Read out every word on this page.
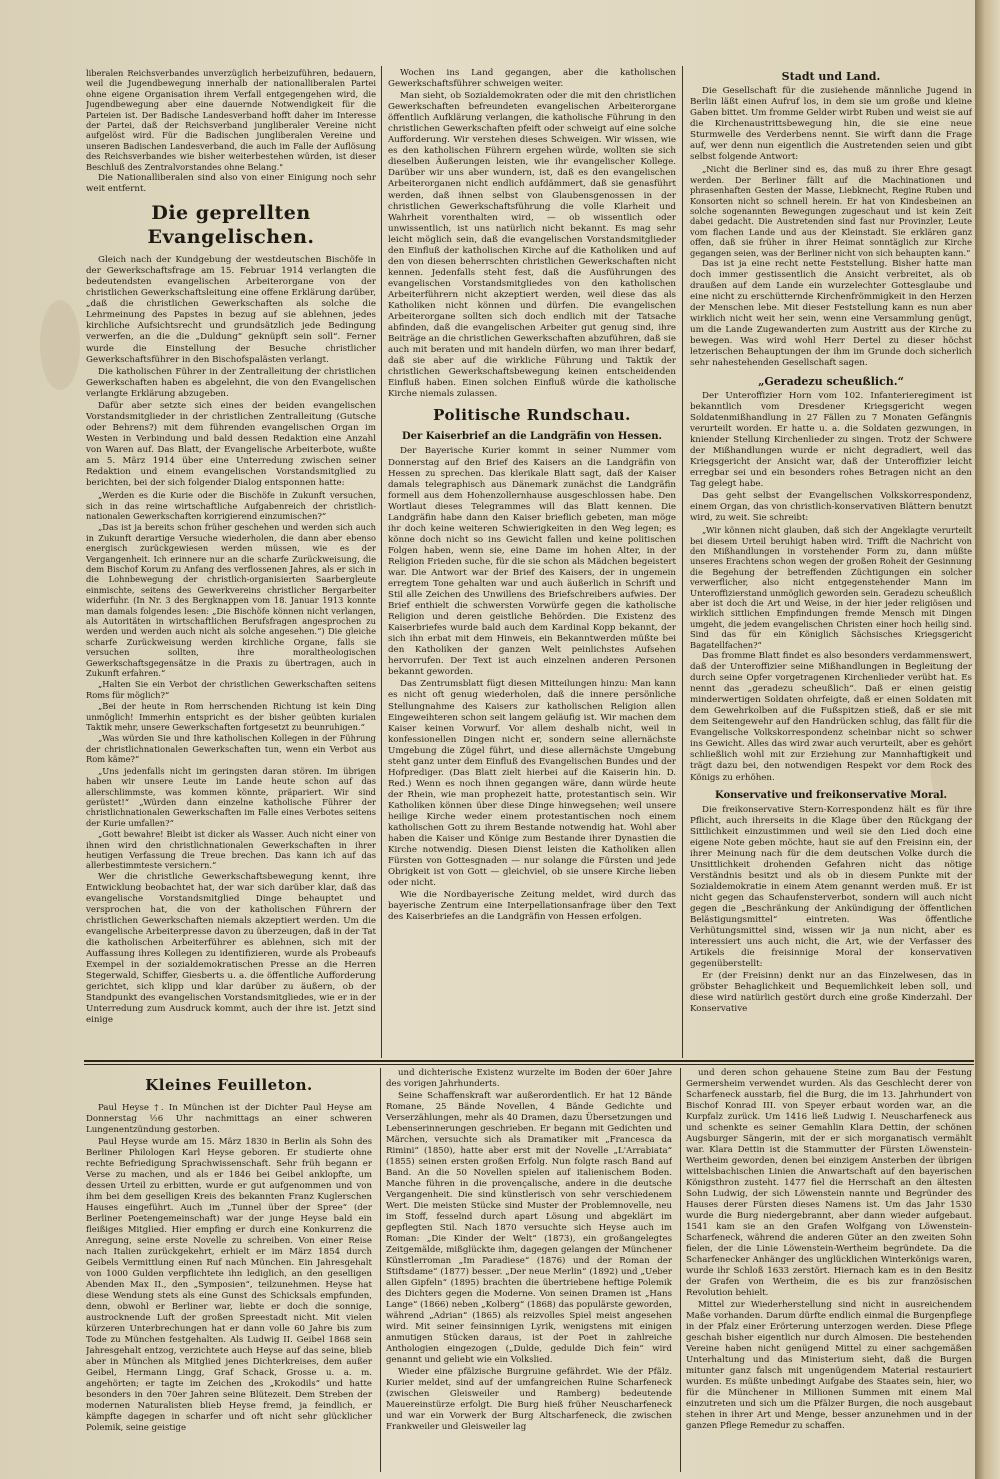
liberalen Reichsverbandes unverzüglich herbeizuführen, bedauern, weil die Jugendbewegung innerhalb der nationalliberalen Partei ohne eigene Organisation ihrem Verfall entgegengehen wird, die Jugendbewegung aber eine dauernde Notwendigkeit für die Parteien ist. Der Badische Landesverband hofft daher im Interesse der Partei, daß der Reichsverband jungliberaler Vereine nicht aufgelöst wird. Für die Badischen jungliberalen Vereine und unseren Badischen Landesverband, die auch im Falle der Auflösung des Reichsverbandes wie bisher weiterbestehen würden, ist dieser Beschluß des Zentralvorstandes ohne Belang."

Die Nationalliberalen sind also von einer Einigung noch sehr weit entfernt.

Die geprellten Evangelischen.

Gleich nach der Kundgebung der westdeutschen Bischöfe in der Gewerkschaftsfrage am 15. Februar 1914 verlangten die bedeutendsten evangelischen Arbeiterorgane von der christlichen Gewerkschaftsleitung eine offene Erklärung darüber, „daß die christlichen Gewerkschaften als solche die Lehrmeinung des Papstes in bezug auf sie ablehnen, jedes kirchliche Aufsichtsrecht und grundsätzlich jede Bedingung verwerfen, an die die „Duldung“ geknüpft sein soll“. Ferner wurde die Einstellung der Besuche christlicher Gewerkschaftsführer in den Bischofspalästen verlangt.

Die katholischen Führer in der Zentralleitung der christlichen Gewerkschaften haben es abgelehnt, die von den Evangelischen verlangte Erklärung abzugeben.

Dafür aber setzte sich eines der beiden evangelischen Vorstandsmitglieder in der christlichen Zentralleitung (Gutsche oder Behrens?) mit dem führenden evangelischen Organ im Westen in Verbindung und bald dessen Redaktion eine Anzahl von Waren auf. Das Blatt, der Evangelische Arbeiterbote, wußte am 5. März 1914 über eine Unterredung zwischen seiner Redaktion und einem evangelischen Vorstandsmitglied zu berichten, bei der sich folgender Dialog entsponnen hatte:

„Werden es die Kurie oder die Bischöfe in Zukunft versuchen, sich in das reine wirtschaftliche Aufgabenreich der christlich-nationalen Gewerkschaften korrigierend einzumischen?“

„Das ist ja bereits schon früher geschehen und werden sich auch in Zukunft derartige Versuche wiederholen, die dann aber ebenso energisch zurückgewiesen werden müssen, wie es der Vergangenheit. Ich erinnere nur an die scharfe Zurückweisung, die dem Bischof Korum zu Anfang des verflossenen Jahres, als er sich in die Lohnbewegung der christlich-organisierten Saarbergleute einmischte, seitens des Gewerkvereins christlicher Bergarbeiter widerfuhr. (In Nr. 3 des Bergknappen vom 18. Januar 1913 konnte man damals folgendes lesen: „Die Bischöfe können nicht verlangen, als Autoritäten in wirtschaftlichen Berufsfragen angesprochen zu werden und werden auch nicht als solche angesehen.“) Die gleiche scharfe Zurückweisung werden kirchliche Organe, falls sie versuchen sollten, ihre moraltheologischen Gewerkschaftsgegensätze in die Praxis zu übertragen, auch in Zukunft erfahren.“

„Halten Sie ein Verbot der christlichen Gewerkschaften seitens Roms für möglich?“

„Bei der heute in Rom herrschenden Richtung ist kein Ding unmöglich! Immerhin entspricht es der bisher geübten kurialen Taktik mehr, unsere Gewerkschaften fortgesetzt zu beunruhigen.“

„Was würden Sie und Ihre katholischen Kollegen in der Führung der christlichnationalen Gewerkschaften tun, wenn ein Verbot aus Rom käme?“

„Uns jedenfalls nicht im geringsten daran stören. Im übrigen haben wir unsere Leute im Lande heute schon auf das allerschlimmste, was kommen könnte, präpariert. Wir sind gerüstet!“ „Würden dann einzelne katholische Führer der christlichnationalen Gewerkschaften im Falle eines Verbotes seitens der Kurie umfallen?“

„Gott bewahre! Bleibt ist dicker als Wasser. Auch nicht einer von ihnen wird den christlichnationalen Gewerkschaften in ihrer heutigen Verfassung die Treue brechen. Das kann ich auf das allerbestimmteste versichern.“

Wer die christliche Gewerkschaftsbewegung kennt, ihre Entwicklung beobachtet hat, der war sich darüber klar, daß das evangelische Vorstandsmitglied Dinge behauptet und versprochen hat, die von der katholischen Führern der christlichen Gewerkschaften niemals akzeptiert werden. Um die evangelische Arbeiterpresse davon zu überzeugen, daß in der Tat die katholischen Arbeiterführer es ablehnen, sich mit der Auffassung ihres Kollegen zu identifizieren, wurde als Probeaufs Exempel in der sozialdemokratischen Presse an die Herren Stegerwald, Schiffer, Giesberts u. a. die öffentliche Aufforderung gerichtet, sich klipp und klar darüber zu äußern, ob der Standpunkt des evangelischen Vorstandsmitgliedes, wie er in der Unterredung zum Ausdruck kommt, auch der ihre ist. Jetzt sind einige

Wochen ins Land gegangen, aber die katholischen Gewerkschaftsführer schweigen weiter.

Man sieht, ob Sozialdemokraten oder die mit den christlichen Gewerkschaften befreundeten evangelischen Arbeiterorgane öffentlich Aufklärung verlangen, die katholische Führung in den christlichen Gewerkschaften pfeift oder schweigt auf eine solche Aufforderung. Wir verstehen dieses Schweigen. Wir wissen, wie es den katholischen Führern ergehen würde, wollten sie sich dieselben Äußerungen leisten, wie ihr evangelischer Kollege. Darüber wir uns aber wundern, ist, daß es den evangelischen Arbeiterorganen nicht endlich aufdämmert, daß sie genasführt werden, daß ihnen selbst von Glaubensgenossen in der christlichen Gewerkschaftsführung die volle Klarheit und Wahrheit vorenthalten wird, — ob wissentlich oder unwissentlich, ist uns natürlich nicht bekannt. Es mag sehr leicht möglich sein, daß die evangelischen Vorstandsmitglieder den Einfluß der katholischen Kirche auf die Katholiken und auf den von diesen beherrschten christlichen Gewerkschaften nicht kennen. Jedenfalls steht fest, daß die Ausführungen des evangelischen Vorstandsmitgliedes von den katholischen Arbeiterführern nicht akzeptiert werden, weil diese das als Katholiken nicht können und dürfen. Die evangelischen Arbeiterorgane sollten sich doch endlich mit der Tatsache abfinden, daß die evangelischen Arbeiter gut genug sind, ihre Beiträge an die christlichen Gewerkschaften abzuführen, daß sie auch mit beraten und mit handeln dürfen, wo man ihrer bedarf, daß sie aber auf die wirkliche Führung und Taktik der christlichen Gewerkschaftsbewegung keinen entscheidenden Einfluß haben. Einen solchen Einfluß würde die katholische Kirche niemals zulassen.

Politische Rundschau.
Der Kaiserbrief an die Landgräfin von Hessen.

Der Bayerische Kurier kommt in seiner Nummer vom Donnerstag auf den Brief des Kaisers an die Landgräfin von Hessen zu sprechen. Das klerikale Blatt sagt, daß der Kaiser damals telegraphisch aus Dänemark zunächst die Landgräfin formell aus dem Hohenzollernhause ausgeschlossen habe. Den Wortlaut dieses Telegrammes will das Blatt kennen. Die Landgräfin habe dann den Kaiser brieflich gebeten, man möge ihr doch keine weiteren Schwierigkeiten in den Weg legen; es könne doch nicht so ins Gewicht fallen und keine politischen Folgen haben, wenn sie, eine Dame im hohen Alter, in der Religion Frieden suche, für die sie schon als Mädchen begeistert war. Die Antwort war der Brief des Kaisers, der in ungemein erregtem Tone gehalten war und auch äußerlich in Schrift und Stil alle Zeichen des Unwillens des Briefschreibers aufwies. Der Brief enthielt die schwersten Vorwürfe gegen die katholische Religion und deren geistliche Behörden. Die Existenz des Kaiserbriefes wurde bald auch dem Kardinal Kopp bekannt, der sich ihn erbat mit dem Hinweis, ein Bekanntwerden müßte bei den Katholiken der ganzen Welt peinlichstes Aufsehen hervorrufen. Der Text ist auch einzelnen anderen Personen bekannt geworden.

Das Zentrumsblatt fügt diesen Mitteilungen hinzu: Man kann es nicht oft genug wiederholen, daß die innere persönliche Stellungnahme des Kaisers zur katholischen Religion allen Eingeweihteren schon seit langem geläufig ist. Wir machen dem Kaiser keinen Vorwurf. Vor allem deshalb nicht, weil in konfessionellen Dingen nicht er, sondern seine allernächste Umgebung die Zügel führt, und diese allernächste Umgebung steht ganz unter dem Einfluß des Evangelischen Bundes und der Hofprediger. (Das Blatt zielt hierbei auf die Kaiserin hin. D. Red.) Wenn es noch ihnen gegangen wäre, dann würde heute der Rhein, wie man prophezeit hatte, protestantisch sein. Wir Katholiken können über diese Dinge hinwegsehen; weil unsere heilige Kirche weder einem protestantischen noch einem katholischen Gott zu ihrem Bestande notwendig hat. Wohl aber haben die Kaiser und Könige zum Bestande ihrer Dynastien die Kirche notwendig. Diesen Dienst leisten die Katholiken allen Fürsten von Gottesgnaden — nur solange die Fürsten und jede Obrigkeit ist von Gott — gleichviel, ob sie unsere Kirche lieben oder nicht.

Wie die Nordbayerische Zeitung meldet, wird durch das bayerische Zentrum eine Interpellationsanfrage über den Text des Kaiserbriefes an die Landgräfin von Hessen erfolgen.

Stadt und Land.

Die Gesellschaft für die zusiehende männliche Jugend in Berlin läßt einen Aufruf los, in dem sie um große und kleine Gaben bittet. Um fromme Gelder wirbt Ruben und weist sie auf die Kirchenaustrittsbewegung hin, die sie eine neue Sturmwelle des Verderbens nennt. Sie wirft dann die Frage auf, wer denn nun eigentlich die Austretenden seien und gibt selbst folgende Antwort:

„Nicht die Berliner sind es, das muß zu ihrer Ehre gesagt werden. Der Berliner fällt auf die Machinationen und phrasenhaften Gesten der Masse, Liebknecht, Regine Ruben und Konsorten nicht so schnell herein. Er hat von Kindesbeinen an solche sogenannten Bewegungen zugeschaut und ist kein Zeit dabei gedacht. Die Austretenden sind fast nur Provinzler, Leute vom flachen Lande und aus der Kleinstadt. Sie erklären ganz offen, daß sie früher in ihrer Heimat sonntäglich zur Kirche gegangen seien, was der Berliner nicht von sich behaupten kann.“

Das ist ja eine recht nette Feststellung. Bisher hatte man doch immer gestissentlich die Ansicht verbreitet, als ob draußen auf dem Lande ein wurzelechter Gottesglaube und eine nicht zu erschütternde Kirchenfrömmigkeit in den Herzen der Menschen lebe. Mit dieser Feststellung kann es nun aber wirklich nicht weit her sein, wenn eine Versammlung genügt, um die Lande Zugewanderten zum Austritt aus der Kirche zu bewegen. Was wird wohl Herr Dertel zu dieser höchst letzerischen Behauptungen der ihm im Grunde doch sicherlich sehr nahestehenden Gesellschaft sagen.

„Geradezu scheußlich.“

Der Unteroffizier Horn vom 102. Infanterieregiment ist bekanntlich vom Dresdener Kriegsgericht wegen Soldatenmißhandlung in 27 Fällen zu 7 Monaten Gefängnis verurteilt worden. Er hatte u. a. die Soldaten gezwungen, in kniender Stellung Kirchenlieder zu singen. Trotz der Schwere der Mißhandlungen wurde er nicht degradiert, weil das Kriegsgericht der Ansicht war, daß der Unteroffizier leicht erregbar sei und ein besonders rohes Betragen nicht an den Tag gelegt habe.

Das geht selbst der Evangelischen Volkskorrespondenz, einem Organ, das von christlich-konservativen Blättern benutzt wird, zu weit. Sie schreibt:

„Wir können nicht glauben, daß sich der Angeklagte verurteilt bei diesem Urteil beruhigt haben wird. Trifft die Nachricht von den Mißhandlungen in vorstehender Form zu, dann müßte unseres Erachtens schon wegen der großen Roheit der Gesinnung die Begehung der betreffenden Züchtigungen ein solcher verwerflicher, also nicht entgegenstehender Mann im Unteroffizierstand unmöglich geworden sein. Geradezu scheußlich aber ist doch die Art und Weise, in der hier jeder religiösen und wirklich sittlichen Empfindungen fremde Mensch mit Dingen umgeht, die jedem evangelischen Christen einer hoch heilig sind. Sind das für ein Königlich Sächsisches Kriegsgericht Bagatellfachen?“

Das fromme Blatt findet es also besonders verdammenswert, daß der Unteroffizier seine Mißhandlungen in Begleitung der durch seine Opfer vorgetragenen Kirchenlieder verübt hat. Es nennt das „geradezu scheußlich“. Daß er einen geistig minderwertigen Soldaten ohrfeigte, daß er einen Soldaten mit dem Gewehrkolben auf die Fußspitzen stieß, daß er sie mit dem Seitengewehr auf den Handrücken schlug, das fällt für die Evangelische Volkskorrespondenz scheinbar nicht so schwer ins Gewicht. Alles das wird zwar auch verurteilt, aber es gehört schließlich wohl mit zur Erziehung zur Mannhaftigkeit und trägt dazu bei, den notwendigen Respekt vor dem Rock des Königs zu erhöhen.

Konservative und freikonservative Moral.

Die freikonservative Stern-Korrespondenz hält es für ihre Pflicht, auch ihrerseits in die Klage über den Rückgang der Sittlichkeit einzustimmen und weil sie den Lied doch eine eigene Note geben möchte, haut sie auf den Freisinn ein, der ihrer Meinung nach für die dem deutschen Volke durch die Unsittlichkeit drohenden Gefahren nicht das nötige Verständnis besitzt und als ob in diesem Punkte mit der Sozialdemokratie in einem Atem genannt werden muß. Er ist nicht gegen das Schaufensterverbot, sondern will auch nicht gegen die „Beschränkung der Ankündigung der öffentlichen Belästigungsmittel“ eintreten. Was öffentliche Verhütungsmittel sind, wissen wir ja nun nicht, aber es interessiert uns auch nicht, die Art, wie der Verfasser des Artikels die freisinnige Moral der konservativen gegenüberstellt:

Er (der Freisinn) denkt nur an das Einzelwesen, das in gröbster Behaglichkeit und Bequemlichkeit leben soll, und diese wird natürlich gestört durch eine große Kinderzahl. Der Konservative

Kleines Feuilleton.

Paul Heyse †. In München ist der Dichter Paul Heyse am Donnerstag ½6 Uhr nachmittags an einer schweren Lungenentzündung gestorben.

Paul Heyse wurde am 15. März 1830 in Berlin als Sohn des Berliner Philologen Karl Heyse geboren. Er studierte ohne rechte Befriedigung Sprachwissenschaft. Sehr früh begann er Verse zu machen, und als er 1846 bei Geibel anklopfte, um dessen Urteil zu erbitten, wurde er gut aufgenommen und von ihm bei dem geselligen Kreis des bekannten Franz Kuglerschen Hauses eingeführt. Auch im „Tunnel über der Spree“ (der Berliner Poetengemeinschaft) war der junge Heyse bald ein fleißiges Mitglied. Hier empfing er durch eine Konkurrenz die Anregung, seine erste Novelle zu schreiben. Von einer Reise nach Italien zurückgekehrt, erhielt er im März 1854 durch Geibels Vermittlung einen Ruf nach München. Ein Jahresgehalt von 1000 Gulden verpflichtete ihn lediglich, an den geselligen Abenden Max II., den „Symposien“, teilzunehmen. Heyse hat diese Wendung stets als eine Gunst des Schicksals empfunden, denn, obwohl er Berliner war, liebte er doch die sonnige, austrocknende Luft der großen Spreestadt nicht. Mit vielen kürzeren Unterbrechungen hat er dann volle 60 Jahre bis zum Tode zu München festgehalten. Als Ludwig II. Geibel 1868 sein Jahresgehalt entzog, verzichtete auch Heyse auf das seine, blieb aber in München als Mitglied jenes Dichterkreises, dem außer Geibel, Hermann Lingg, Graf Schack, Grosse u. a. m. angehörten; er tagte im Zeichen des „Krokodils“ und hatte besonders in den 70er Jahren seine Blütezeit. Dem Streben der modernen Naturalisten blieb Heyse fremd, ja feindlich, er kämpfte dagegen in scharfer und oft nicht sehr glücklicher Polemik, seine geistige

und dichterische Existenz wurzelte im Boden der 60er Jahre des vorigen Jahrhunderts.

Seine Schaffenskraft war außerordentlich. Er hat 12 Bände Romane, 25 Bände Novellen, 4 Bände Gedichte und Verserzählungen, mehr als 40 Dramen, dazu Übersetzungen und Lebenserinnerungen geschrieben. Er begann mit Gedichten und Märchen, versuchte sich als Dramatiker mit „Francesca da Rimini“ (1850), hatte aber erst mit der Novelle „L'Arrabiata“ (1855) seinen ersten großen Erfolg. Nun folgte rasch Band auf Band. An die 50 Novellen spielen auf italienischem Boden. Manche führen in die provençalische, andere in die deutsche Vergangenheit. Die sind künstlerisch von sehr verschiedenem Wert. Die meisten Stücke sind Muster der Problemnovelle, neu im Stoff, fesselnd durch apart Lösung und abgeklärt im gepflegten Stil. Nach 1870 versuchte sich Heyse auch im Roman: „Die Kinder der Welt“ (1873), ein großangelegtes Zeitgemälde, mißglückte ihm, dagegen gelangen der Münchener Künstlerroman „Im Paradiese“ (1876) und der Roman der Stiftsdame“ (1877) besser. „Der neue Merlin“ (1892) und „Ueber allen Gipfeln“ (1895) brachten die übertriebene heftige Polemik des Dichters gegen die Moderne. Von seinen Dramen ist „Hans Lange“ (1866) neben „Kolberg“ (1868) das populärste geworden, während „Adrian“ (1865) als reizvolles Spiel meist angesehen wird. Mit seiner feinsinnigen Lyrik, wenigstens mit einigen anmutigen Stücken daraus, ist der Poet in zahlreiche Anthologien eingezogen („Dulde, gedulde Dich fein“ wird genannt und geliebt wie ein Volkslied.

Wieder eine pfälzische Burgruine gefährdet. Wie der Pfälz. Kurier meldet, sind auf der umfangreichen Ruine Scharfeneck (zwischen Gleisweiler und Ramberg) bedeutende Mauereinstürze erfolgt. Die Burg hieß früher Neuscharfeneck und war ein Vorwerk der Burg Altscharfeneck, die zwischen Frankweiler und Gleisweiler lag

und deren schon gehauene Steine zum Bau der Festung Germersheim verwendet wurden. Als das Geschlecht derer von Scharfeneck ausstarb, fiel die Burg, die im 13. Jahrhundert von Bischof Konrad III. von Speyer erbaut worden war, an die Kurpfalz zurück. Um 1416 ließ Ludwig I. Neuscharfeneck aus und schenkte es seiner Gemahlin Klara Dettin, der schönen Augsburger Sängerin, mit der er sich morganatisch vermählt war. Klara Dettin ist die Stammutter der Fürsten Löwenstein-Wertheim geworden, denen bei einzigem Ansterben der übrigen wittelsbachischen Linien die Anwartschaft auf den bayerischen Königsthron zusteht. 1477 fiel die Herrschaft an den ältesten Sohn Ludwig, der sich Löwenstein nannte und Begründer des Hauses derer Fürsten dieses Namens ist. Um das Jahr 1530 wurde die Burg niedergebrannt, aber dann wieder aufgebaut. 1541 kam sie an den Grafen Wolfgang von Löwenstein-Scharfeneck, während die anderen Güter an den zweiten Sohn fielen, der die Linie Löwenstein-Wertheim begründete. Da die Scharfenecker Anhänger des unglücklichen Winterkönigs waren, wurde ihr Schloß 1633 zerstört. Hiernach kam es in den Besitz der Grafen von Wertheim, die es bis zur französischen Revolution behielt.

Mittel zur Wiederherstellung sind nicht in ausreichendem Maße vorhanden. Darum dürfte endlich einmal die Burgenpflege in der Pfalz einer Erörterung unterzogen werden. Diese Pflege geschah bisher eigentlich nur durch Almosen. Die bestehenden Vereine haben nicht genügend Mittel zu einer sachgemäßen Unterhaltung und das Ministerium sieht, daß die Burgen mitunter ganz falsch mit ungenügendem Material restauriert wurden. Es müßte unbedingt Aufgabe des Staates sein, hier, wo für die Münchener in Millionen Summen mit einem Mal einzutreten und sich um die Pfälzer Burgen, die noch ausgebaut stehen in ihrer Art und Menge, besser anzunehmen und in der ganzen Pflege Remedur zu schaffen.
